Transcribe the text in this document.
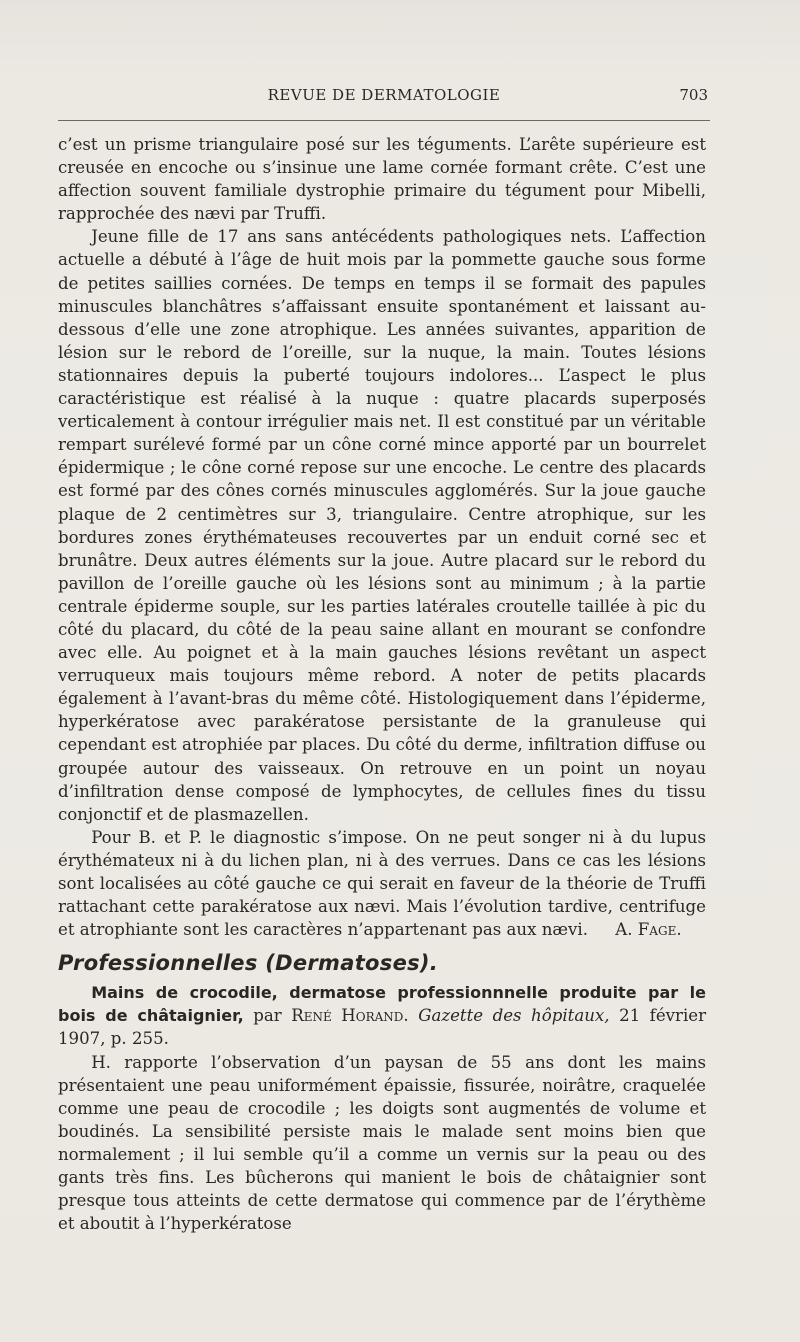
REVUE DE DERMATOLOGIE	703

c’est un prisme triangulaire posé sur les téguments. L’arête supérieure est creusée en encoche ou s’insinue une lame cornée formant crête. C’est une affection souvent familiale dystrophie primaire du tégument pour Mibelli, rapprochée des nævi par Truffi.

Jeune fille de 17 ans sans antécédents pathologiques nets. L’affection actuelle a débuté à l’âge de huit mois par la pommette gauche sous forme de petites saillies cornées. De temps en temps il se formait des papules minuscules blanchâtres s’affaissant ensuite spontanément et laissant au-dessous d’elle une zone atrophique. Les années suivantes, apparition de lésion sur le rebord de l’oreille, sur la nuque, la main. Toutes lésions stationnaires depuis la puberté toujours indolores... L’aspect le plus caractéristique est réalisé à la nuque : quatre placards superposés verticalement à contour irrégulier mais net. Il est constitué par un véritable rempart surélevé formé par un cône corné mince apporté par un bourrelet épidermique ; le cône corné repose sur une encoche. Le centre des placards est formé par des cônes cornés minuscules agglomérés. Sur la joue gauche plaque de 2 centimètres sur 3, triangulaire. Centre atrophique, sur les bordures zones érythémateuses recouvertes par un enduit corné sec et brunâtre. Deux autres éléments sur la joue. Autre placard sur le rebord du pavillon de l’oreille gauche où les lésions sont au minimum ; à la partie centrale épiderme souple, sur les parties latérales croutelle taillée à pic du côté du placard, du côté de la peau saine allant en mourant se confondre avec elle. Au poignet et à la main gauches lésions revêtant un aspect verruqueux mais toujours même rebord. A noter de petits placards également à l’avant-bras du même côté. Histologiquement dans l’épiderme, hyperkératose avec parakératose persistante de la granuleuse qui cependant est atrophiée par places. Du côté du derme, infiltration diffuse ou groupée autour des vaisseaux. On retrouve en un point un noyau d’infiltration dense composé de lymphocytes, de cellules fines du tissu conjonctif et de plasmazellen.

Pour B. et P. le diagnostic s’impose. On ne peut songer ni à du lupus érythémateux ni à du lichen plan, ni à des verrues. Dans ce cas les lésions sont localisées au côté gauche ce qui serait en faveur de la théorie de Truffi rattachant cette parakératose aux nævi. Mais l’évolution tardive, centrifuge et atrophiante sont les caractères n’appartenant pas aux nævi. A. Fage.

Professionnelles (Dermatoses).

Mains de crocodile, dermatose professionnnelle produite par le bois de châtaignier, par René Horand. Gazette des hôpitaux, 21 février 1907, p. 255.

H. rapporte l’observation d’un paysan de 55 ans dont les mains présentaient une peau uniformément épaissie, fissurée, noirâtre, craquelée comme une peau de crocodile ; les doigts sont augmentés de volume et boudinés. La sensibilité persiste mais le malade sent moins bien que normalement ; il lui semble qu’il a comme un vernis sur la peau ou des gants très fins. Les bûcherons qui manient le bois de châtaignier sont presque tous atteints de cette dermatose qui commence par de l’érythème et aboutit à l’hyperkératose
